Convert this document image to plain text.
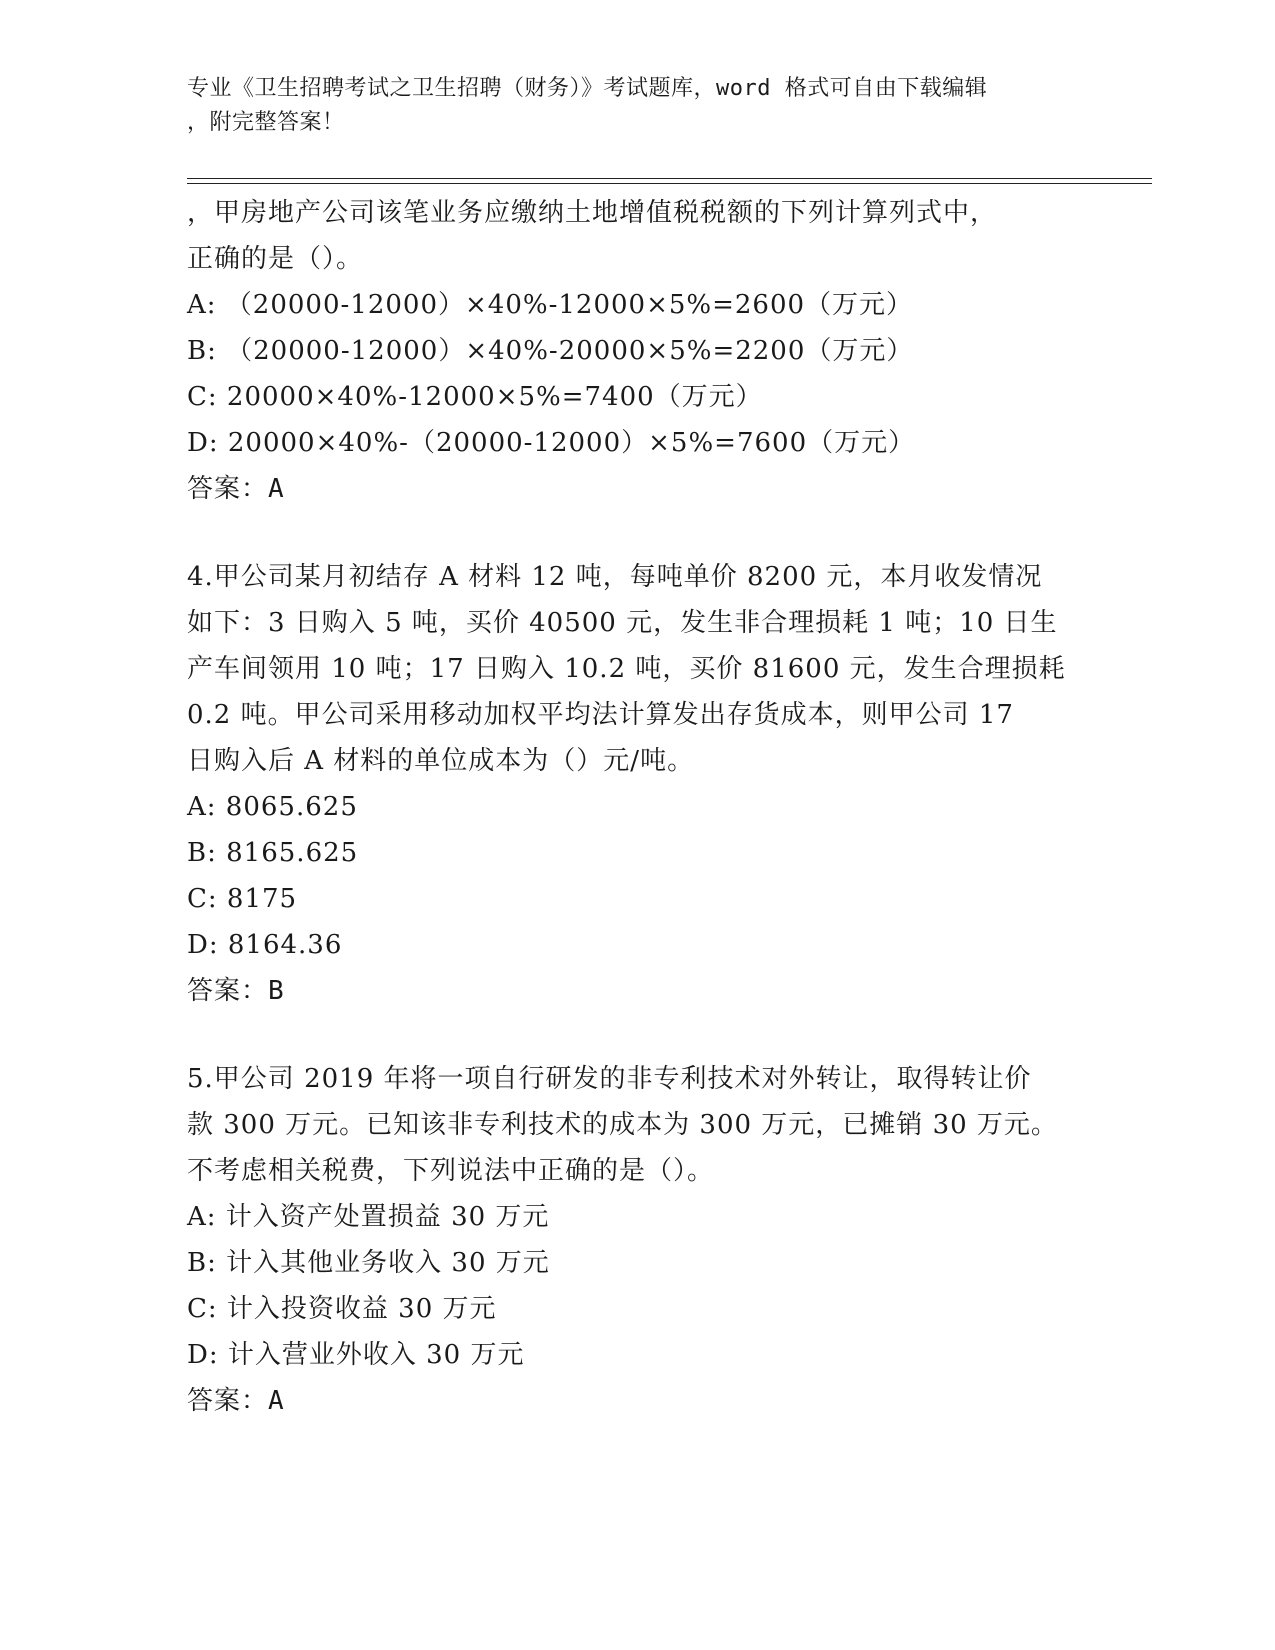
专业《卫生招聘考试之卫生招聘（财务）》考试题库，word 格式可自由下载编辑
，附完整答案！
，甲房地产公司该笔业务应缴纳土地增值税税额的下列计算列式中，
正确的是（）。
A: （20000-12000）×40%-12000×5%=2600（万元）
B: （20000-12000）×40%-20000×5%=2200（万元）
C: 20000×40%-12000×5%=7400（万元）
D: 20000×40%-（20000-12000）×5%=7600（万元）
答案：A
4.甲公司某月初结存 A 材料 12 吨，每吨单价 8200 元，本月收发情况
如下：3 日购入 5 吨，买价 40500 元，发生非合理损耗 1 吨；10 日生
产车间领用 10 吨；17 日购入 10.2 吨，买价 81600 元，发生合理损耗
0.2 吨。甲公司采用移动加权平均法计算发出存货成本，则甲公司 17
日购入后 A 材料的单位成本为（）元/吨。
A: 8065.625
B: 8165.625
C: 8175
D: 8164.36
答案：B
5.甲公司 2019 年将一项自行研发的非专利技术对外转让，取得转让价
款 300 万元。已知该非专利技术的成本为 300 万元，已摊销 30 万元。
不考虑相关税费，下列说法中正确的是（）。
A: 计入资产处置损益 30 万元
B: 计入其他业务收入 30 万元
C: 计入投资收益 30 万元
D: 计入营业外收入 30 万元
答案：A
